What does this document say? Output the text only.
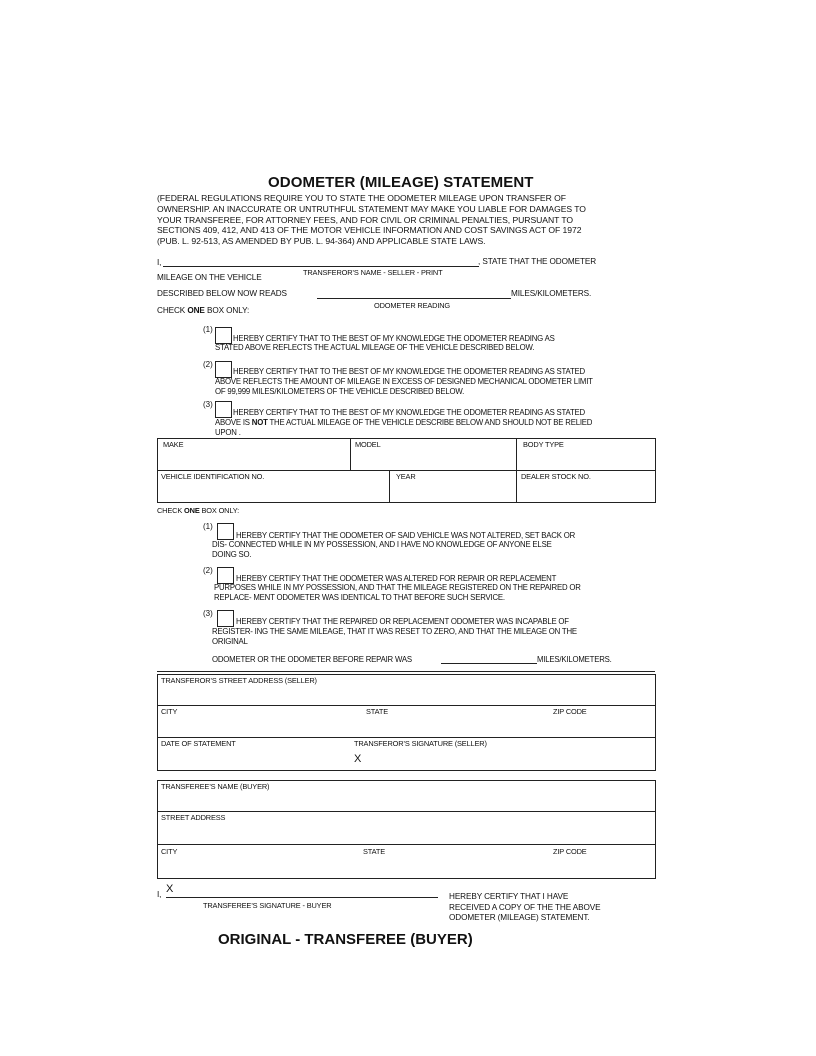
ODOMETER (MILEAGE) STATEMENT
(FEDERAL REGULATIONS REQUIRE YOU TO STATE THE ODOMETER MILEAGE UPON TRANSFER OF
OWNERSHIP. AN INACCURATE OR UNTRUTHFUL STATEMENT MAY MAKE YOU LIABLE FOR DAMAGES TO
YOUR TRANSFEREE, FOR ATTORNEY FEES, AND FOR CIVIL OR CRIMINAL PENALTIES, PURSUANT TO
SECTIONS 409, 412, AND 413 OF THE MOTOR VEHICLE INFORMATION AND COST SAVINGS ACT OF 1972
(PUB. L. 92-513, AS AMENDED BY PUB. L. 94-364) AND APPLICABLE STATE LAWS.
I,	, STATE THAT THE ODOMETER
TRANSFEROR’S NAME - SELLER - PRINT
MILEAGE ON THE VEHICLE
DESCRIBED BELOW NOW READS	MILES/KILOMETERS.
ODOMETER READING
CHECK ONE BOX ONLY:
(1)
HEREBY CERTIFY THAT TO THE BEST OF MY KNOWLEDGE THE ODOMETER READING AS
STATED ABOVE REFLECTS THE ACTUAL MILEAGE OF THE VEHICLE DESCRIBED BELOW.
(2)
HEREBY CERTIFY THAT TO THE BEST OF MY KNOWLEDGE THE ODOMETER READING AS STATED
ABOVE REFLECTS THE AMOUNT OF MILEAGE IN EXCESS OF DESIGNED MECHANICAL ODOMETER LIMIT
OF 99,999 MILES/KILOMETERS OF THE VEHICLE DESCRIBED BELOW.
(3)
HEREBY CERTIFY THAT TO THE BEST OF MY KNOWLEDGE THE ODOMETER READING AS STATED
ABOVE IS NOT THE ACTUAL MILEAGE OF THE VEHICLE DESCRIBE BELOW AND SHOULD NOT BE RELIED
UPON .
MAKE	MODEL	BODY TYPE
VEHICLE IDENTIFICATION NO.	YEAR	DEALER STOCK NO.
CHECK ONE BOX ONLY:
(1)
HEREBY CERTIFY THAT THE ODOMETER OF SAID VEHICLE WAS NOT ALTERED, SET BACK OR
DIS- CONNECTED WHILE IN MY POSSESSION, AND I HAVE NO KNOWLEDGE OF ANYONE ELSE
DOING SO.
(2)
HEREBY CERTIFY THAT THE ODOMETER WAS ALTERED FOR REPAIR OR REPLACEMENT
PURPOSES WHILE IN MY POSSESSION, AND THAT THE MILEAGE REGISTERED ON THE REPAIRED OR
REPLACE- MENT ODOMETER WAS IDENTICAL TO THAT BEFORE SUCH SERVICE.
(3)
HEREBY CERTIFY THAT THE REPAIRED OR REPLACEMENT ODOMETER WAS INCAPABLE OF
REGISTER- ING THE SAME MILEAGE, THAT IT WAS RESET TO ZERO, AND THAT THE MILEAGE ON THE
ORIGINAL
ODOMETER OR THE ODOMETER BEFORE REPAIR WAS	MILES/KILOMETERS.
TRANSFEROR’S STREET ADDRESS (SELLER)
CITY	STATE	ZIP CODE
DATE OF STATEMENT	TRANSFEROR’S SIGNATURE (SELLER)
X
TRANSFEREE’S NAME (BUYER)
STREET ADDRESS
CITY	STATE	ZIP CODE
I, X
TRANSFEREE’S SIGNATURE - BUYER
HEREBY CERTIFY THAT I HAVE
RECEIVED A COPY OF THE THE ABOVE
ODOMETER (MILEAGE) STATEMENT.
ORIGINAL - TRANSFEREE (BUYER)
